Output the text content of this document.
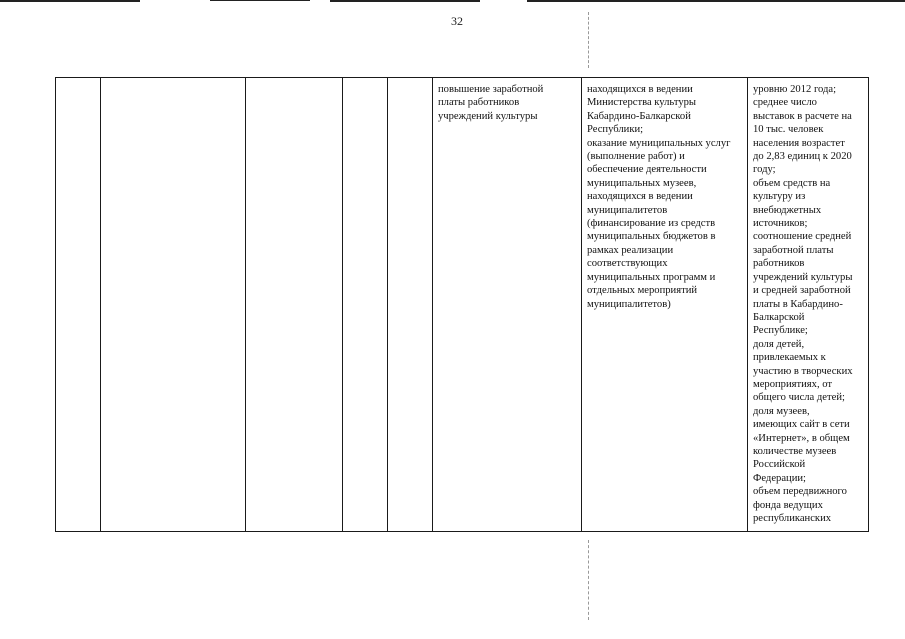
32
					повышение заработной
платы работников
учреждений культуры	находящихся в ведении
Министерства культуры
Кабардино-Балкарской
Республики;
оказание муниципальных услуг
(выполнение работ) и
обеспечение деятельности
муниципальных музеев,
находящихся в ведении
муниципалитетов
(финансирование из средств
муниципальных бюджетов в
рамках реализации
соответствующих
муниципальных программ и
отдельных мероприятий
муниципалитетов)	уровню 2012 года;
среднее число
выставок в расчете на
10 тыс. человек
населения возрастет
до 2,83 единиц к 2020
году;
объем средств на
культуру из
внебюджетных
источников;
соотношение средней
заработной платы
работников
учреждений культуры
и средней заработной
платы в Кабардино-
Балкарской
Республике;
доля детей,
привлекаемых к
участию в творческих
мероприятиях, от
общего числа детей;
доля музеев,
имеющих сайт в сети
«Интернет», в общем
количестве музеев
Российской
Федерации;
объем передвижного
фонда ведущих
республиканских
